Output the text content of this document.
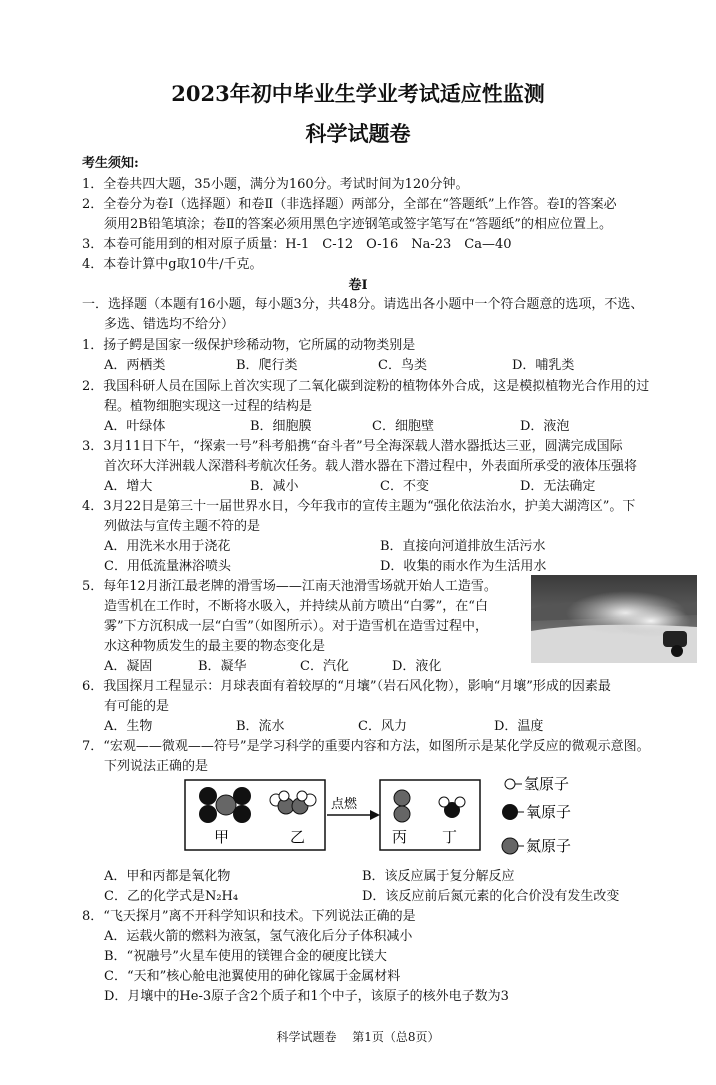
2023年初中毕业生学业考试适应性监测
科学试题卷
考生须知:
1．全卷共四大题，35小题，满分为160分。考试时间为120分钟。
2．全卷分为卷Ⅰ（选择题）和卷Ⅱ（非选择题）两部分，全部在“答题纸”上作答。卷Ⅰ的答案必
须用2B铅笔填涂；卷Ⅱ的答案必须用黑色字迹钢笔或签字笔写在“答题纸”的相应位置上。
3．本卷可能用到的相对原子质量：H-1　C-12　O-16　Na-23　Ca—40
4．本卷计算中g取10牛/千克。
卷Ⅰ
一．选择题（本题有16小题，每小题3分，共48分。请选出各小题中一个符合题意的选项，不选、
多选、错选均不给分）
1．扬子鳄是国家一级保护珍稀动物，它所属的动物类别是
A．两栖类	B．爬行类	C．鸟类	D．哺乳类
2．我国科研人员在国际上首次实现了二氧化碳到淀粉的植物体外合成，这是模拟植物光合作用的过
程。植物细胞实现这一过程的结构是
A．叶绿体	B．细胞膜	C．细胞壁	D．液泡
3．3月11日下午，“探索一号”科考船携“奋斗者”号全海深载人潜水器抵达三亚，圆满完成国际
首次环大洋洲载人深潜科考航次任务。载人潜水器在下潜过程中，外表面所承受的液体压强将
A．增大	B．减小	C．不变	D．无法确定
4．3月22日是第三十一届世界水日，今年我市的宣传主题为“强化依法治水，护美大湖湾区”。下
列做法与宣传主题不符的是
A．用洗米水用于浇花	B．直接向河道排放生活污水
C．用低流量淋浴喷头	D．收集的雨水作为生活用水
5．每年12月浙江最老牌的滑雪场——江南天池滑雪场就开始人工造雪。
造雪机在工作时，不断将水吸入，并持续从前方喷出“白雾”，在“白
雾”下方沉积成一层“白雪”（如图所示）。对于造雪机在造雪过程中，
水这种物质发生的最主要的物态变化是
A．凝固	B．凝华	C．汽化	D．液化
6．我国探月工程显示：月球表面有着较厚的“月壤”（岩石风化物），影响“月壤”形成的因素最
有可能的是
A．生物	B．流水	C．风力	D．温度
7．“宏观——微观——符号”是学习科学的重要内容和方法，如图所示是某化学反应的微观示意图。
下列说法正确的是
甲	乙
点燃
丙 丁
氢原子
氧原子
氮原子
A．甲和丙都是氧化物	B．该反应属于复分解反应
C．乙的化学式是N₂H₄	D．该反应前后氮元素的化合价没有发生改变
8．“飞天探月”离不开科学知识和技术。下列说法正确的是
A．运载火箭的燃料为液氢，氢气液化后分子体积减小
B．“祝融号”火星车使用的镁锂合金的硬度比镁大
C．“天和”核心舱电池翼使用的砷化镓属于金属材料
D．月壤中的He-3原子含2个质子和1个中子，该原子的核外电子数为3
科学试题卷 第1页（总8页）
